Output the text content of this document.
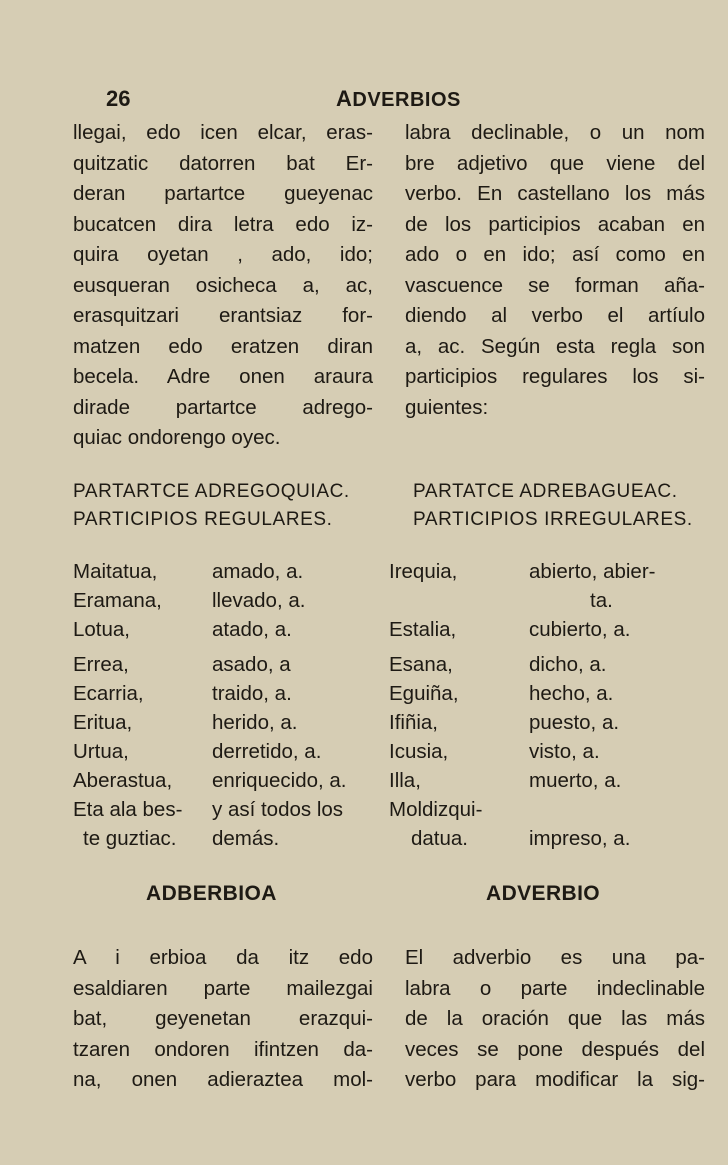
26	ADVERBIOS
llegai, edo icen elcar, eras-
quitzatic datorren bat Er-
deran partartce gueyenac
bucatcen dira letra edo iz-
quira oyetan , ado, ido;
eusqueran osicheca a, ac,
erasquitzari erantsiaz for-
matzen edo eratzen diran
becela. Adre onen araura
dirade partartce adrego-
quiac ondorengo oyec.
labra declinable, o un nom
bre adjetivo que viene del
verbo. En castellano los más
de los participios acaban en
ado o en ido; así como en
vascuence se forman aña-
diendo al verbo el artíulo
a, ac. Según esta regla son
participios regulares los si-
guientes:
PARTARTCE ADREGOQUIAC.
PARTICIPIOS REGULARES.
PARTATCE ADREBAGUEAC.
PARTICIPIOS IRREGULARES.
Maitatua,	amado, a.
Eramana, llevado, a.
Lotua,	atado, a.
Errea,	asado, a
Ecarria,	traido, a.
Eritua,	herido, a.
Urtua,	derretido, a.
Aberastua, enriquecido, a.
Eta ala bes- y así todos los
te guztiac. demás.
Irequia,	abierto, abier-
ta.
Estalia,	cubierto, a.
Esana,	dicho, a.
Eguiña,	hecho, a.
Ifiñia,	puesto, a.
Icusia,	visto, a.
Illa,	muerto, a.
Moldizqui-
datua.	impreso, a.
ADBERBIOA	ADVERBIO
A i erbioa da itz edo
esaldiaren parte mailezgai
bat, geyenetan erazqui-
tzaren ondoren ifintzen da-
na, onen adieraztea mol-
El adverbio es una pa-
labra o parte indeclinable
de la oración que las más
veces se pone después del
verbo para modificar la sig-
